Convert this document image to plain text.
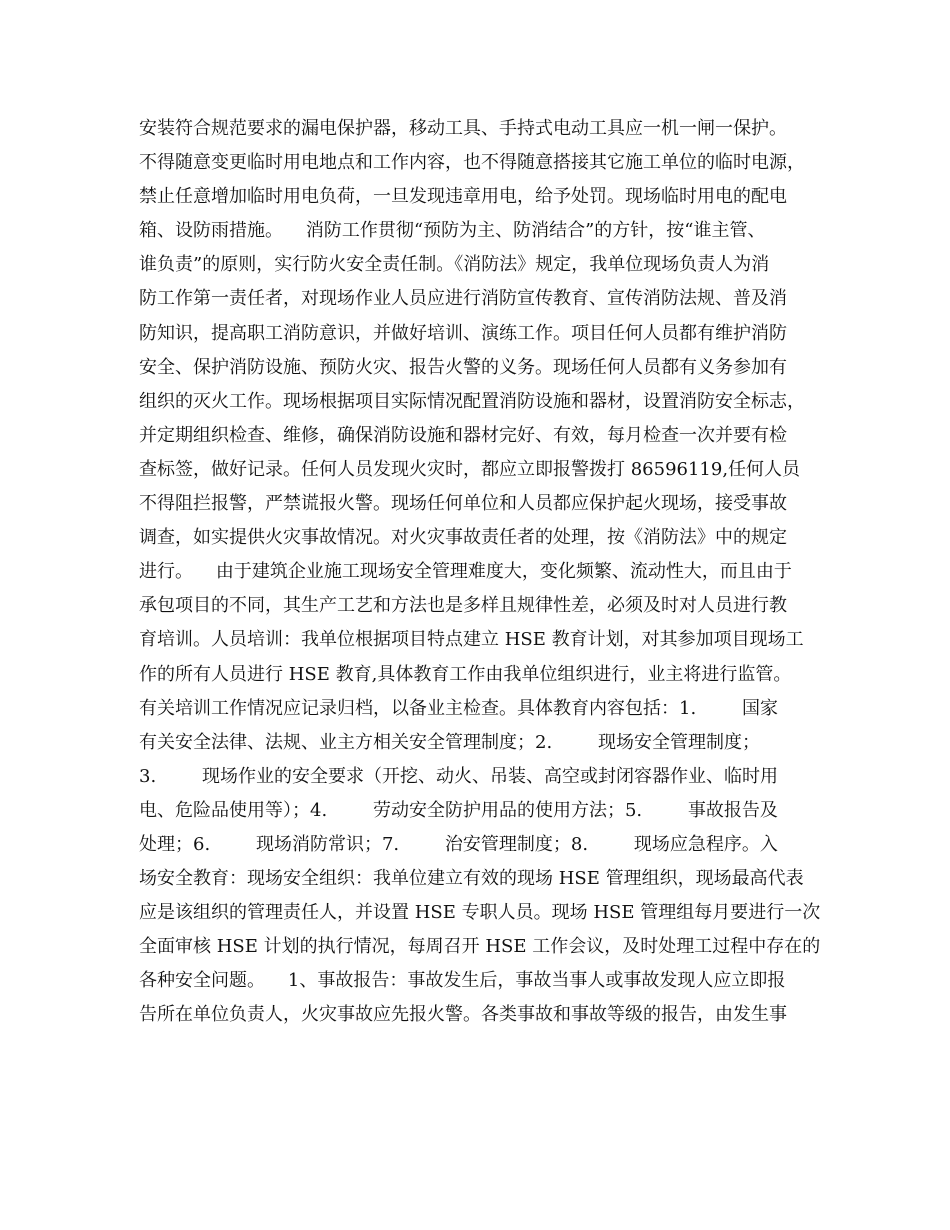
安装符合规范要求的漏电保护器，移动工具、手持式电动工具应一机一闸一保护。
不得随意变更临时用电地点和工作内容，也不得随意搭接其它施工单位的临时电源，
禁止任意增加临时用电负荷，一旦发现违章用电，给予处罚。现场临时用电的配电
箱、设防雨措施。    消防工作贯彻“预防为主、防消结合”的方针，按“谁主管、
谁负责”的原则，实行防火安全责任制。《消防法》规定，我单位现场负责人为消
防工作第一责任者，对现场作业人员应进行消防宣传教育、宣传消防法规、普及消
防知识，提高职工消防意识，并做好培训、演练工作。项目任何人员都有维护消防
安全、保护消防设施、预防火灾、报告火警的义务。现场任何人员都有义务参加有
组织的灭火工作。现场根据项目实际情况配置消防设施和器材，设置消防安全标志，
并定期组织检查、维修，确保消防设施和器材完好、有效，每月检查一次并要有检
查标签，做好记录。任何人员发现火灾时，都应立即报警拨打 86596119,任何人员
不得阻拦报警，严禁谎报火警。现场任何单位和人员都应保护起火现场，接受事故
调查，如实提供火灾事故情况。对火灾事故责任者的处理，按《消防法》中的规定
进行。    由于建筑企业施工现场安全管理难度大，变化频繁、流动性大，而且由于
承包项目的不同，其生产工艺和方法也是多样且规律性差，必须及时对人员进行教
育培训。人员培训：我单位根据项目特点建立 HSE 教育计划，对其参加项目现场工
作的所有人员进行 HSE 教育,具体教育工作由我单位组织进行，业主将进行监管。
有关培训工作情况应记录归档，以备业主检查。具体教育内容包括：1.        国家
有关安全法律、法规、业主方相关安全管理制度；2.        现场安全管理制度；
3.        现场作业的安全要求（开挖、动火、吊装、高空或封闭容器作业、临时用
电、危险品使用等）；4.        劳动安全防护用品的使用方法；5.        事故报告及
处理；6.        现场消防常识；7.        治安管理制度；8.        现场应急程序。入
场安全教育：现场安全组织：我单位建立有效的现场 HSE 管理组织，现场最高代表
应是该组织的管理责任人，并设置 HSE 专职人员。现场 HSE 管理组每月要进行一次
全面审核 HSE 计划的执行情况，每周召开 HSE 工作会议，及时处理工过程中存在的
各种安全问题。    1、事故报告：事故发生后，事故当事人或事故发现人应立即报
告所在单位负责人，火灾事故应先报火警。各类事故和事故等级的报告，由发生事
